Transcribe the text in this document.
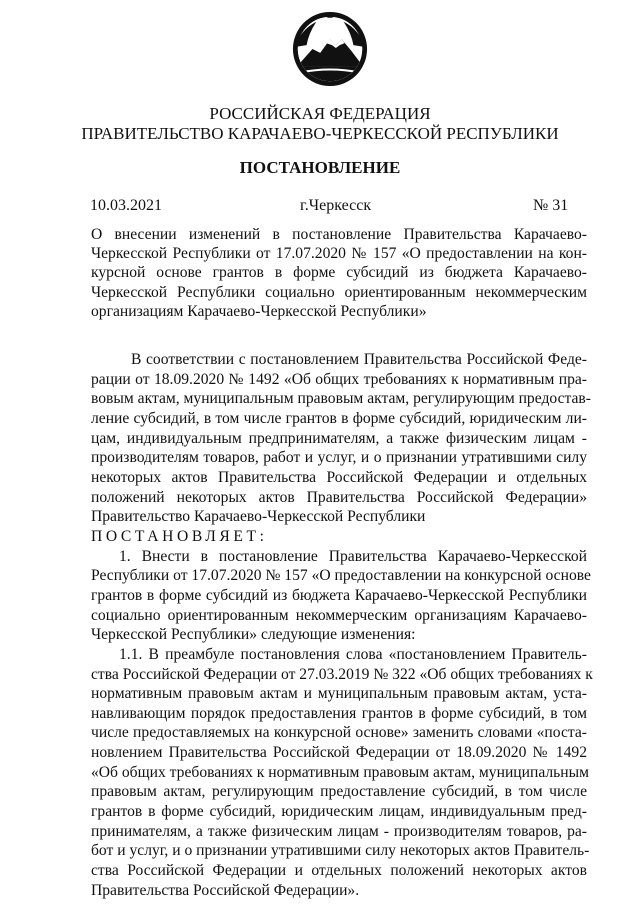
РОССИЙСКАЯ ФЕДЕРАЦИЯ
ПРАВИТЕЛЬСТВО КАРАЧАЕВО-ЧЕРКЕССКОЙ РЕСПУБЛИКИ
ПОСТАНОВЛЕНИЕ
10.03.2021	г.Черкесск	№ 31
О внесении изменений в постановление Правительства Карачаево-
Черкесской Республики от 17.07.2020 № 157 «О предоставлении на кон-
курсной основе грантов в форме субсидий из бюджета Карачаево-
Черкесской Республики социально ориентированным некоммерческим
организациям Карачаево-Черкесской Республики»
В соответствии с постановлением Правительства Российской Феде-
рации от 18.09.2020 № 1492 «Об общих требованиях к нормативным пра-
вовым актам, муниципальным правовым актам, регулирующим предостав-
ление субсидий, в том числе грантов в форме субсидий, юридическим ли-
цам, индивидуальным предпринимателям, а также физическим лицам -
производителям товаров, работ и услуг, и о признании утратившими силу
некоторых актов Правительства Российской Федерации и отдельных
положений некоторых актов Правительства Российской Федерации»
Правительство Карачаево-Черкесской Республики
ПОСТАНОВЛЯЕТ:
1. Внести в постановление Правительства Карачаево-Черкесской
Республики от 17.07.2020 № 157 «О предоставлении на конкурсной основе
грантов в форме субсидий из бюджета Карачаево-Черкесской Республики
социально ориентированным некоммерческим организациям Карачаево-
Черкесской Республики» следующие изменения:
1.1. В преамбуле постановления слова «постановлением Правитель-
ства Российской Федерации от 27.03.2019 № 322 «Об общих требованиях к
нормативным правовым актам и муниципальным правовым актам, уста-
навливающим порядок предоставления грантов в форме субсидий, в том
числе предоставляемых на конкурсной основе» заменить словами «поста-
новлением Правительства Российской Федерации от 18.09.2020 № 1492
«Об общих требованиях к нормативным правовым актам, муниципальным
правовым актам, регулирующим предоставление субсидий, в том числе
грантов в форме субсидий, юридическим лицам, индивидуальным пред-
принимателям, а также физическим лицам - производителям товаров, ра-
бот и услуг, и о признании утратившими силу некоторых актов Правитель-
ства Российской Федерации и отдельных положений некоторых актов
Правительства Российской Федерации».
